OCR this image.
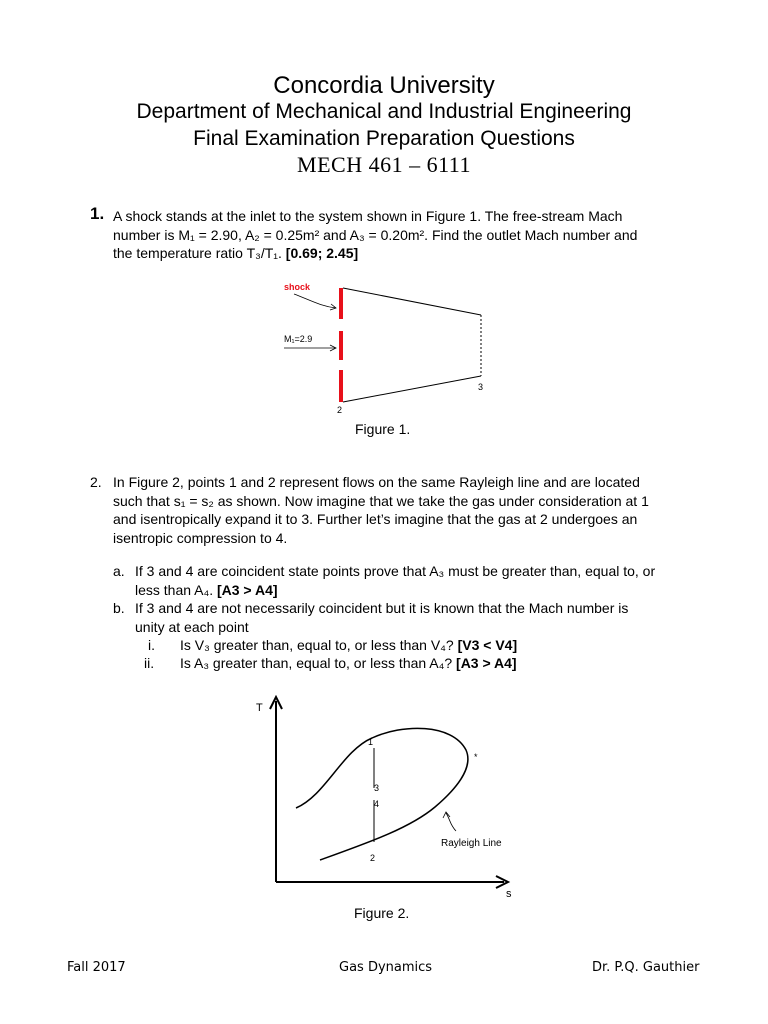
Concordia University
Department of Mechanical and Industrial Engineering
Final Examination Preparation Questions
MECH 461 – 6111
1. A shock stands at the inlet to the system shown in Figure 1. The free-stream Mach
number is M₁ = 2.90, A₂ = 0.25m² and A₃ = 0.20m². Find the outlet Mach number and
the temperature ratio T₃/T₁. [0.69; 2.45]
shock
M₁=2.9
2
3
Figure 1.
2. In Figure 2, points 1 and 2 represent flows on the same Rayleigh line and are located
such that s₁ = s₂ as shown. Now imagine that we take the gas under consideration at 1
and isentropically expand it to 3. Further let’s imagine that the gas at 2 undergoes an
isentropic compression to 4.
a. If 3 and 4 are coincident state points prove that A₃ must be greater than, equal to, or
less than A₄. [A3 > A4]
b. If 3 and 4 are not necessarily coincident but it is known that the Mach number is
unity at each point
i. Is V₃ greater than, equal to, or less than V₄? [V3 < V4]
ii. Is A₃ greater than, equal to, or less than A₄? [A3 > A4]
T
s
1
3
4
2
*
Rayleigh Line
Figure 2.
Fall 2017	Gas Dynamics	Dr. P.Q. Gauthier
